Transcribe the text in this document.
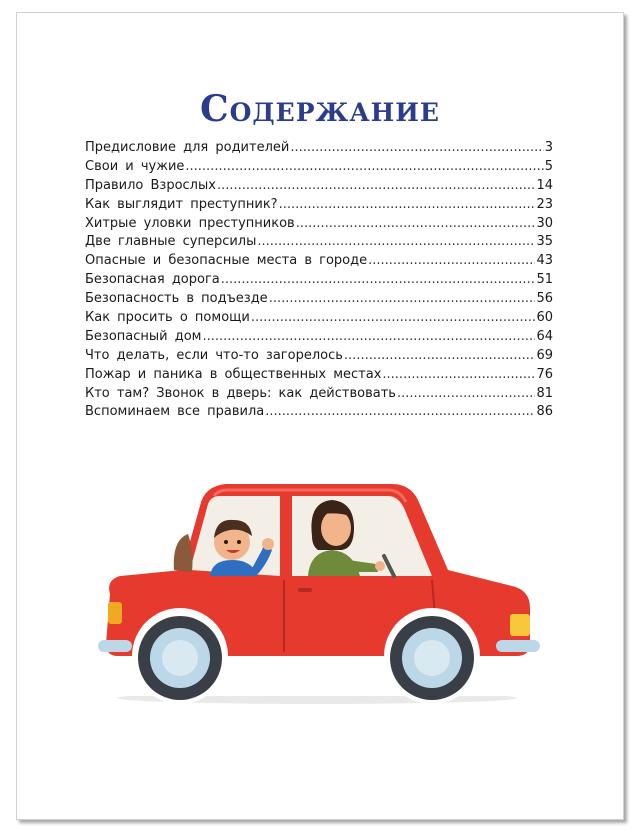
Содержание
Предисловие для родителей .....	3
Свои и чужие .....	5
Правило Взрослых .....	14
Как выглядит преступник? .....	23
Хитрые уловки преступников .....	30
Две главные суперсилы .....	35
Опасные и безопасные места в городе .....	43
Безопасная дорога .....	51
Безопасность в подъезде .....	56
Как просить о помощи .....	60
Безопасный дом .....	64
Что делать, если что-то загорелось .....	69
Пожар и паника в общественных местах .....	76
Кто там? Звонок в дверь: как действовать .....	81
Вспоминаем все правила .....	86
